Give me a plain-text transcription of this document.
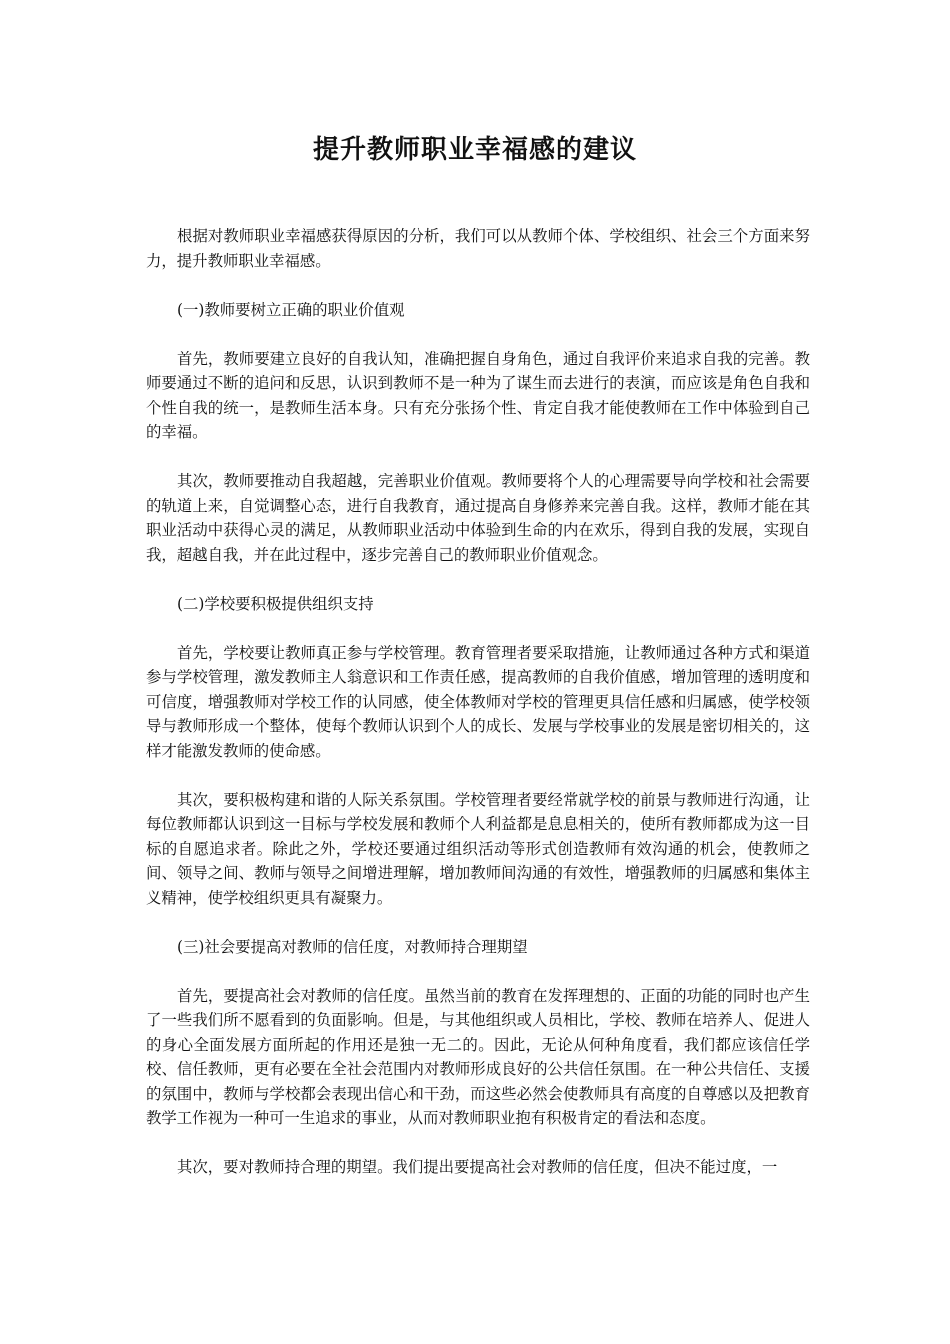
提升教师职业幸福感的建议

根据对教师职业幸福感获得原因的分析，我们可以从教师个体、学校组织、社会三个方面来努力，提升教师职业幸福感。

(一)教师要树立正确的职业价值观

首先，教师要建立良好的自我认知，准确把握自身角色，通过自我评价来追求自我的完善。教师要通过不断的追问和反思，认识到教师不是一种为了谋生而去进行的表演，而应该是角色自我和个性自我的统一，是教师生活本身。只有充分张扬个性、肯定自我才能使教师在工作中体验到自己的幸福。

其次，教师要推动自我超越，完善职业价值观。教师要将个人的心理需要导向学校和社会需要的轨道上来，自觉调整心态，进行自我教育，通过提高自身修养来完善自我。这样，教师才能在其职业活动中获得心灵的满足，从教师职业活动中体验到生命的内在欢乐，得到自我的发展，实现自我，超越自我，并在此过程中，逐步完善自己的教师职业价值观念。

(二)学校要积极提供组织支持

首先，学校要让教师真正参与学校管理。教育管理者要采取措施，让教师通过各种方式和渠道参与学校管理，激发教师主人翁意识和工作责任感，提高教师的自我价值感，增加管理的透明度和可信度，增强教师对学校工作的认同感，使全体教师对学校的管理更具信任感和归属感，使学校领导与教师形成一个整体，使每个教师认识到个人的成长、发展与学校事业的发展是密切相关的，这样才能激发教师的使命感。

其次，要积极构建和谐的人际关系氛围。学校管理者要经常就学校的前景与教师进行沟通，让每位教师都认识到这一目标与学校发展和教师个人利益都是息息相关的，使所有教师都成为这一目标的自愿追求者。除此之外，学校还要通过组织活动等形式创造教师有效沟通的机会，使教师之间、领导之间、教师与领导之间增进理解，增加教师间沟通的有效性，增强教师的归属感和集体主义精神，使学校组织更具有凝聚力。

(三)社会要提高对教师的信任度，对教师持合理期望

首先，要提高社会对教师的信任度。虽然当前的教育在发挥理想的、正面的功能的同时也产生了一些我们所不愿看到的负面影响。但是，与其他组织或人员相比，学校、教师在培养人、促进人的身心全面发展方面所起的作用还是独一无二的。因此，无论从何种角度看，我们都应该信任学校、信任教师，更有必要在全社会范围内对教师形成良好的公共信任氛围。在一种公共信任、支援的氛围中，教师与学校都会表现出信心和干劲，而这些必然会使教师具有高度的自尊感以及把教育教学工作视为一种可一生追求的事业，从而对教师职业抱有积极肯定的看法和态度。

其次，要对教师持合理的期望。我们提出要提高社会对教师的信任度，但决不能过度，一
